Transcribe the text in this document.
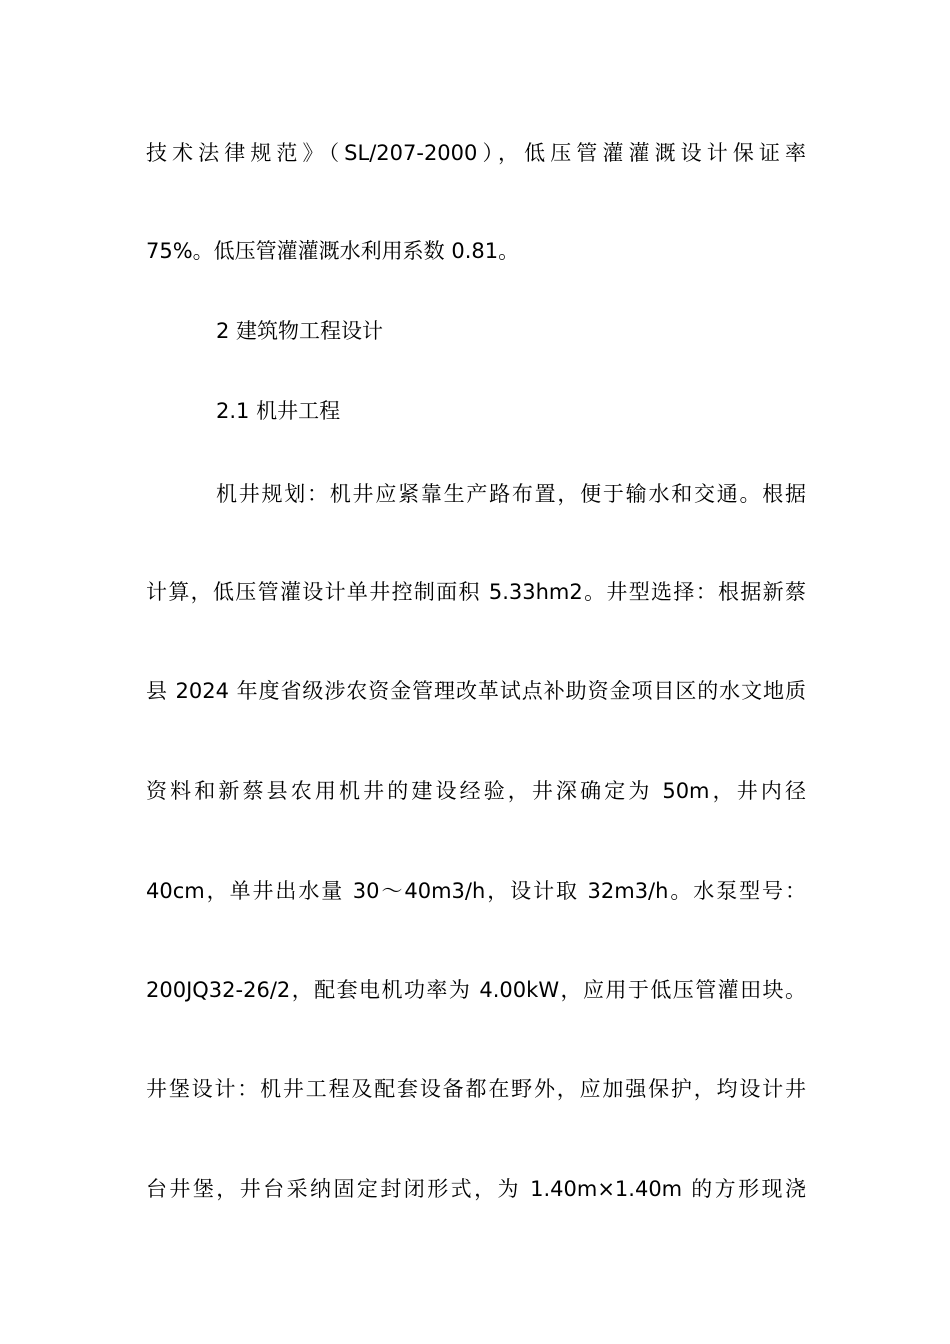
技术法律规范》（SL/207-2000），低压管灌灌溉设计保证率
75%。低压管灌灌溉水利用系数 0.81。
2 建筑物工程设计
2.1 机井工程
机井规划：机井应紧靠生产路布置，便于输水和交通。根据
计算，低压管灌设计单井控制面积 5.33hm2。井型选择：根据新蔡
县 2024 年度省级涉农资金管理改革试点补助资金项目区的水文地质
资料和新蔡县农用机井的建设经验，井深确定为 50m，井内径
40cm，单井出水量 30～40m3/h，设计取 32m3/h。水泵型号：
200JQ32-26/2，配套电机功率为 4.00kW，应用于低压管灌田块。
井堡设计：机井工程及配套设备都在野外，应加强保护，均设计井
台井堡，井台采纳固定封闭形式，为 1.40m×1.40m 的方形现浇
